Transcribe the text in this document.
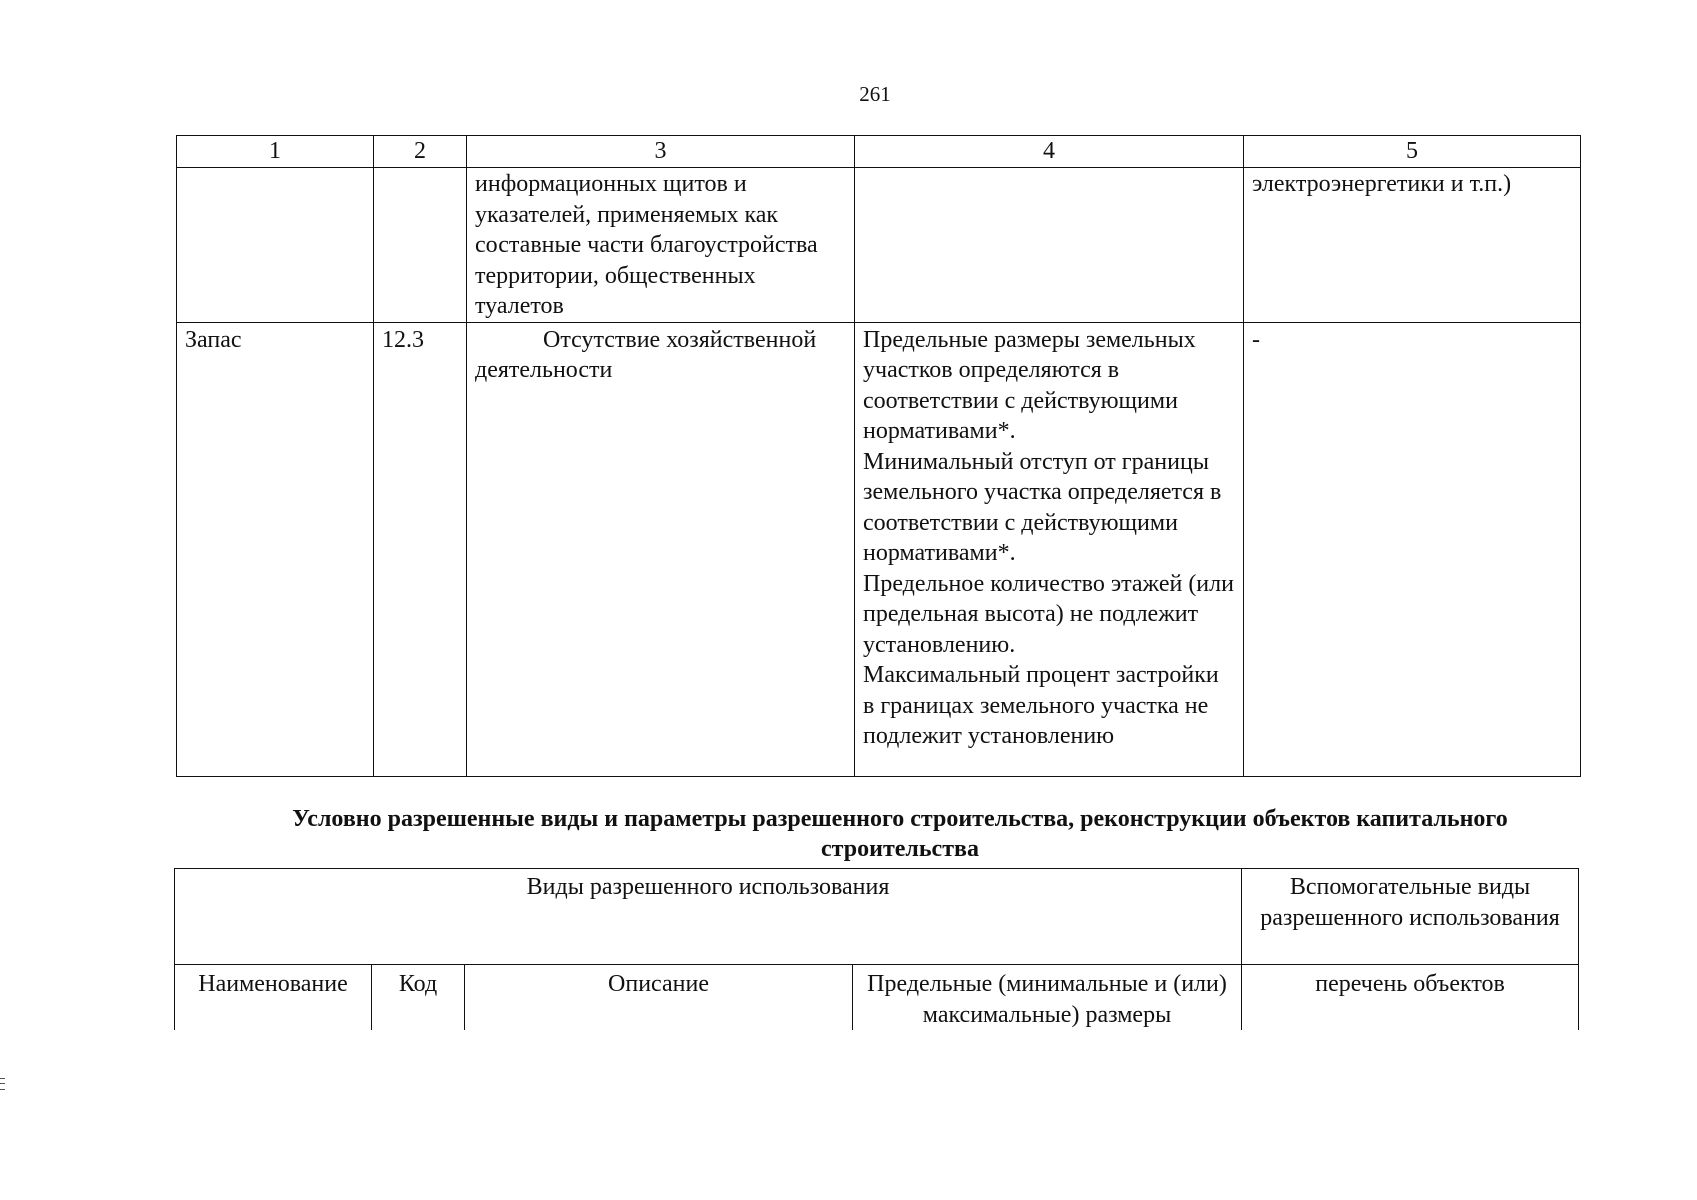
261
1	2	3	4	5
		информационных щитов и указателей, применяемых как составные части благоустройства территории, общественных туалетов		электроэнергетики и т.п.)
Запас	12.3	Отсутствие хозяйственной деятельности	Предельные размеры земельных участков определяются в соответствии с действующими нормативами*.
Минимальный отступ от границы земельного участка определяется в соответствии с действующими нормативами*.
Предельное количество этажей (или предельная высота) не подлежит установлению.
Максимальный процент застройки в границах земельного участка не подлежит установлению	-
Условно разрешенные виды и параметры разрешенного строительства, реконструкции объектов капитального строительства
Виды разрешенного использования				Вспомогательные виды разрешенного использования
Наименование	Код	Описание	Предельные (минимальные и (или) максимальные) размеры	перечень объектов
